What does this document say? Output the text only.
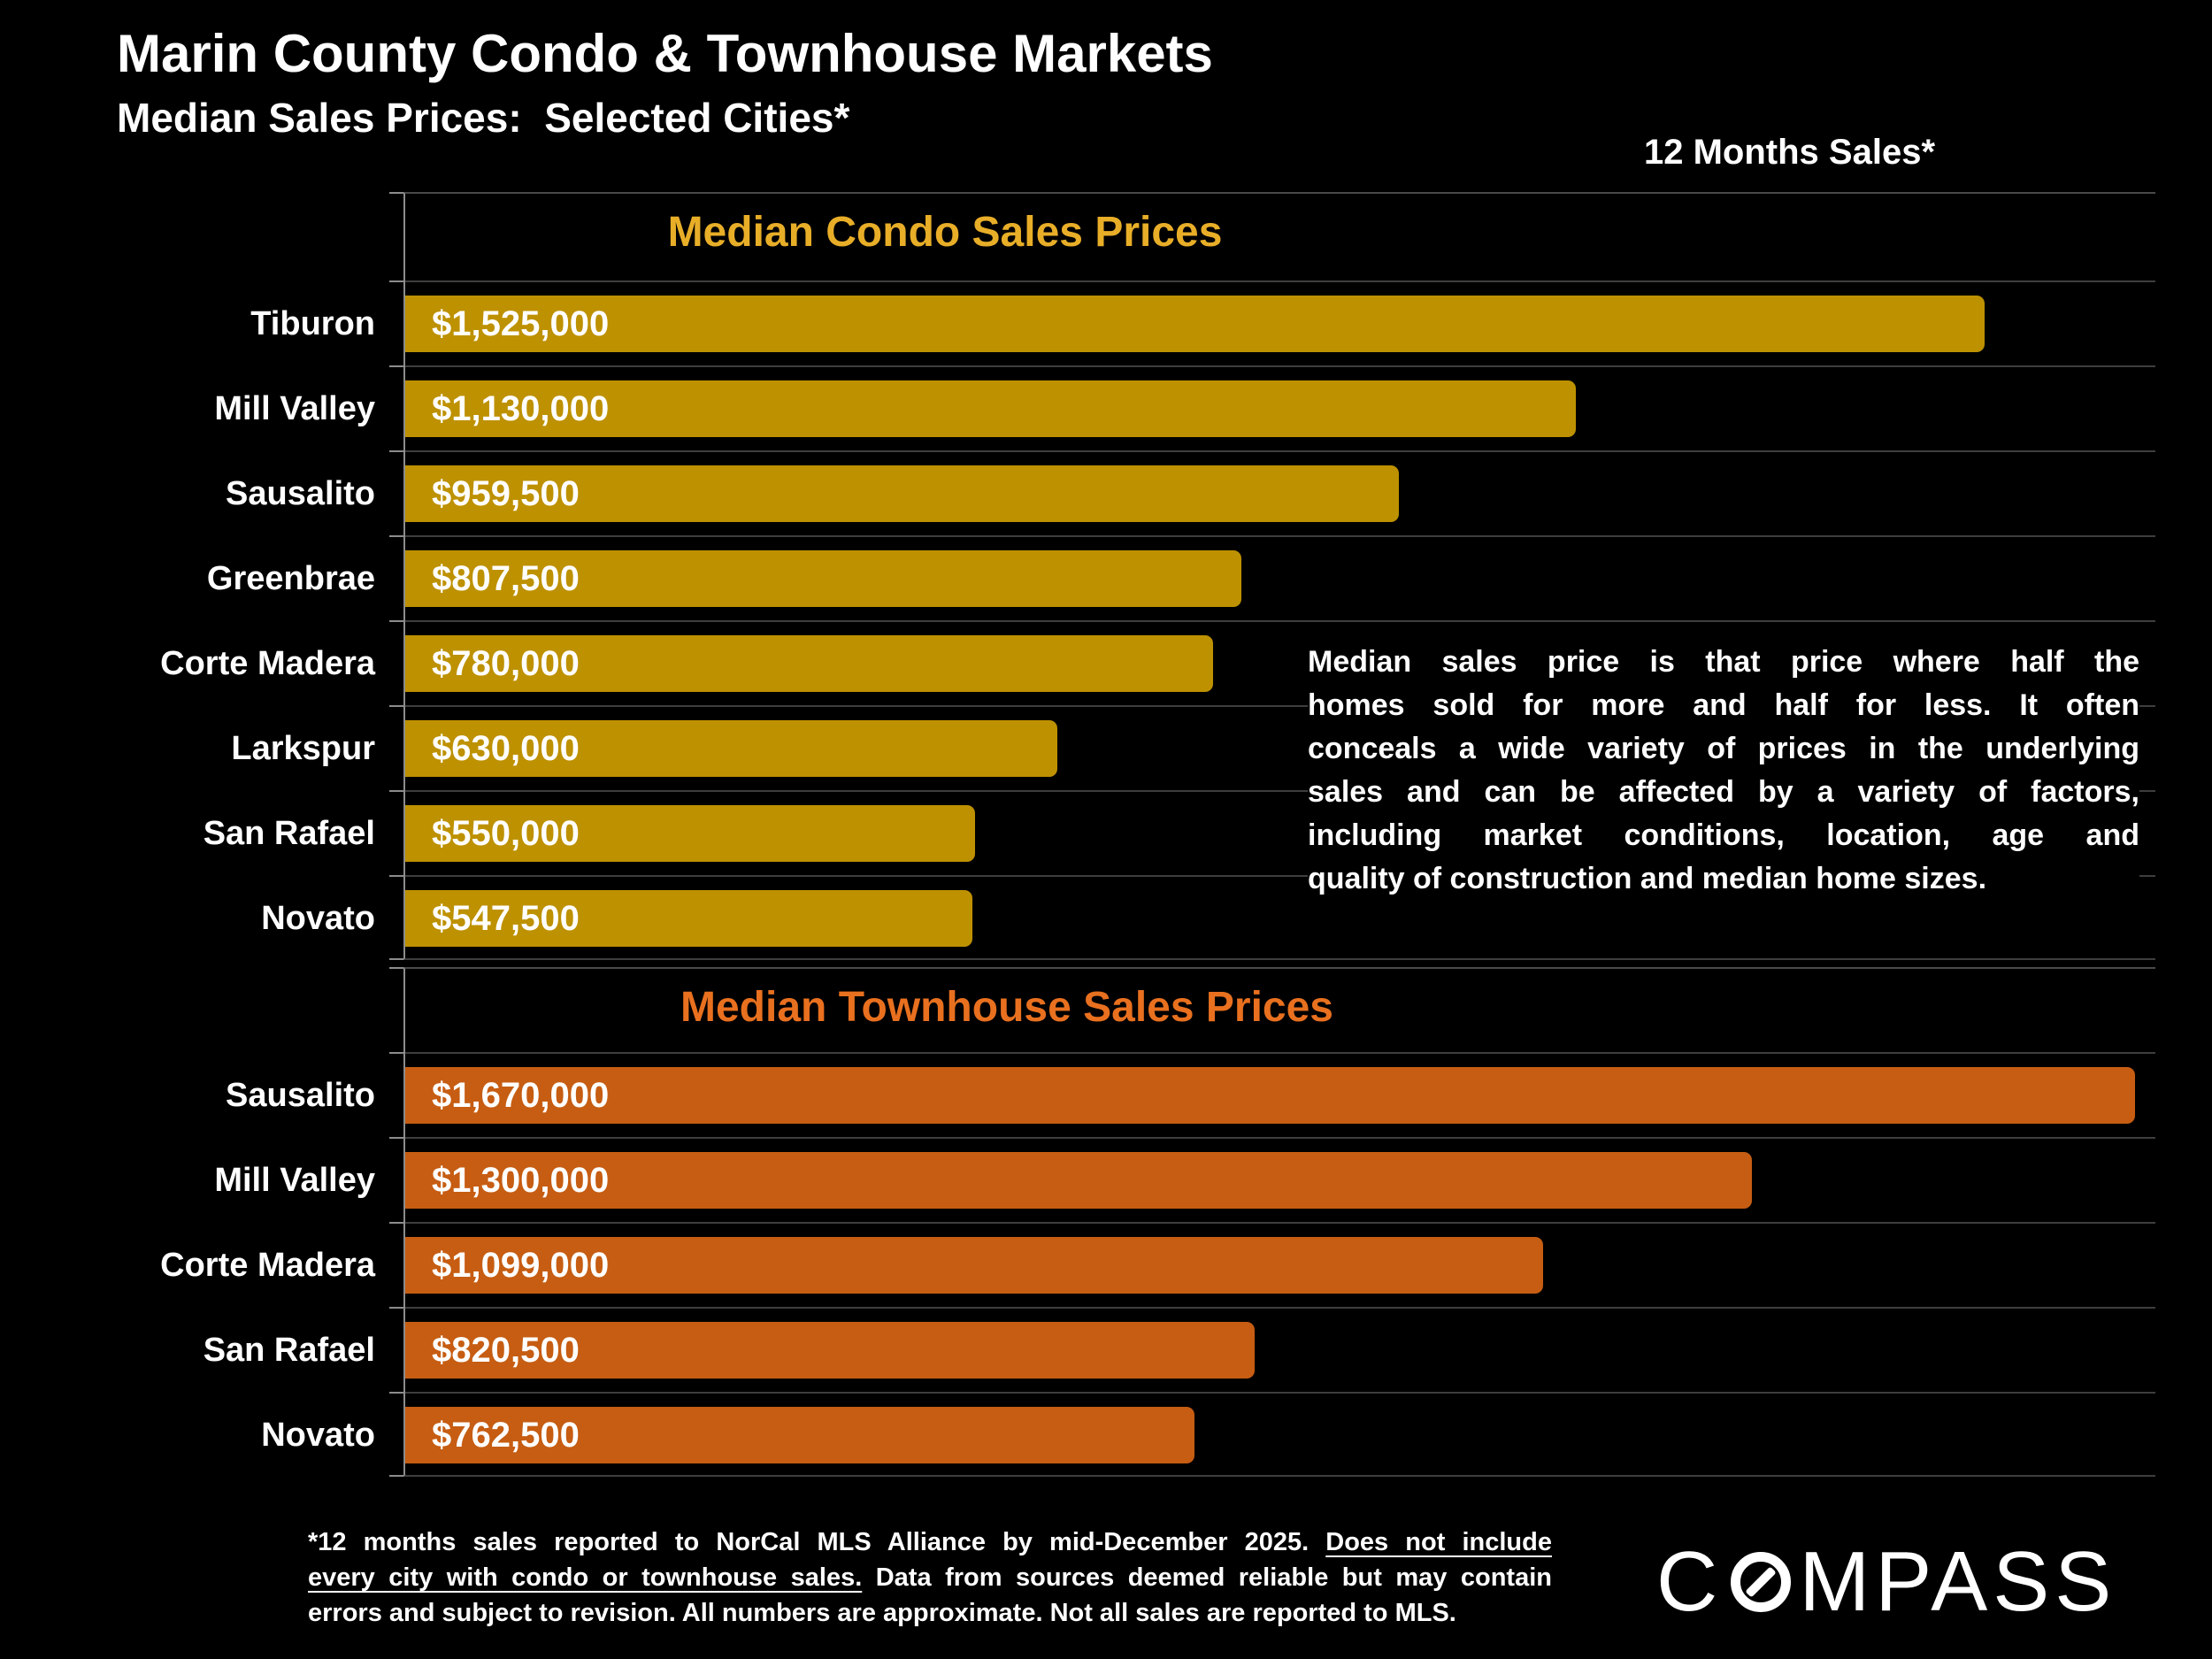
Marin County Condo & Townhouse Markets
Median Sales Prices:  Selected Cities*
12 Months Sales*
Median Condo Sales Prices
Tiburon	$1,525,000
Mill Valley	$1,130,000
Sausalito	$959,500
Greenbrae	$807,500
Corte Madera	$780,000
Larkspur	$630,000
San Rafael	$550,000
Novato	$547,500
Median Townhouse Sales Prices
Sausalito	$1,670,000
Mill Valley	$1,300,000
Corte Madera	$1,099,000
San Rafael	$820,500
Novato	$762,500
Median sales price is that price where half the
homes sold for more and half for less. It often
conceals a wide variety of prices in the underlying
sales and can be affected by a variety of factors,
including market conditions, location, age and
quality of construction and median home sizes.
*12 months sales reported to NorCal MLS Alliance by mid-December 2025. Does not include
every city with condo or townhouse sales. Data from sources deemed reliable but may contain
errors and subject to revision. All numbers are approximate. Not all sales are reported to MLS.	C MPASS
